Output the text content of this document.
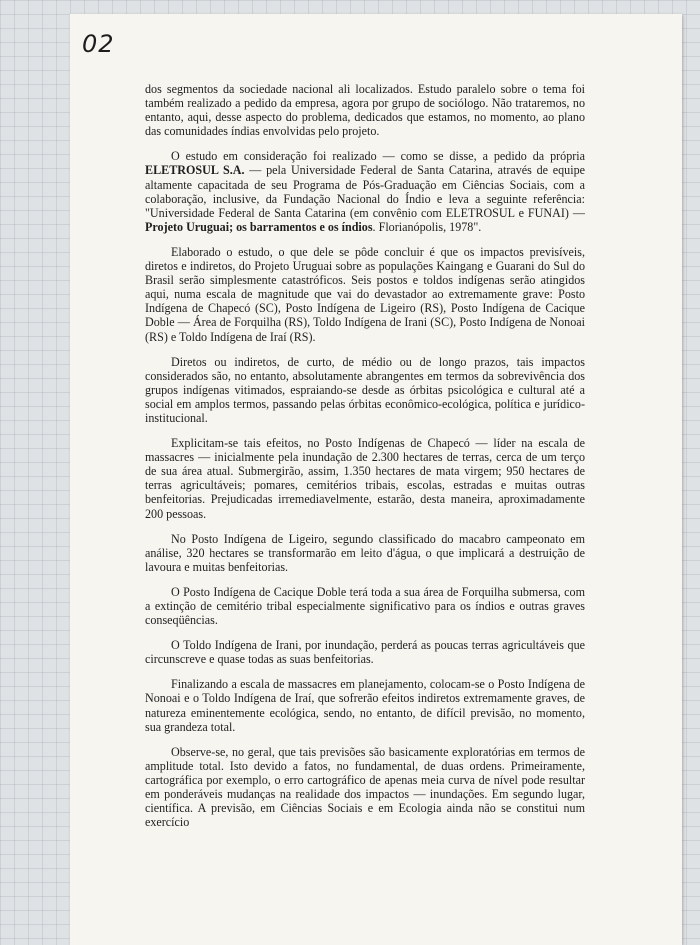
02

dos segmentos da sociedade nacional ali localizados. Estudo paralelo sobre o tema foi também realizado a pedido da empresa, agora por grupo de sociólogo. Não trataremos, no entanto, aqui, desse aspecto do problema, dedicados que estamos, no momento, ao plano das comunidades índias envolvidas pelo projeto.

O estudo em consideração foi realizado — como se disse, a pedido da própria ELETROSUL S.A. — pela Universidade Federal de Santa Catarina, através de equipe altamente capacitada de seu Programa de Pós-Graduação em Ciências Sociais, com a colaboração, inclusive, da Fundação Nacional do Índio e leva a seguinte referência: "Universidade Federal de Santa Catarina (em convênio com ELETROSUL e FUNAI) — Projeto Uruguai; os barramentos e os índios. Florianópolis, 1978".

Elaborado o estudo, o que dele se pôde concluir é que os impactos previsíveis, diretos e indiretos, do Projeto Uruguai sobre as populações Kaingang e Guarani do Sul do Brasil serão simplesmente catastróficos. Seis postos e toldos indígenas serão atingidos aqui, numa escala de magnitude que vai do devastador ao extremamente grave: Posto Indígena de Chapecó (SC), Posto Indígena de Ligeiro (RS), Posto Indígena de Cacique Doble — Área de Forquilha (RS), Toldo Indígena de Irani (SC), Posto Indígena de Nonoai (RS) e Toldo Indígena de Iraí (RS).

Diretos ou indiretos, de curto, de médio ou de longo prazos, tais impactos considerados são, no entanto, absolutamente abrangentes em termos da sobrevivência dos grupos indígenas vitimados, espraiando-se desde as órbitas psicológica e cultural até a social em amplos termos, passando pelas órbitas econômico-ecológica, política e jurídico-institucional.

Explicitam-se tais efeitos, no Posto Indígenas de Chapecó — líder na escala de massacres — inicialmente pela inundação de 2.300 hectares de terras, cerca de um terço de sua área atual. Submergirão, assim, 1.350 hectares de mata virgem; 950 hectares de terras agricultáveis; pomares, cemitérios tribais, escolas, estradas e muitas outras benfeitorias. Prejudicadas irremediavelmente, estarão, desta maneira, aproximadamente 200 pessoas.

No Posto Indígena de Ligeiro, segundo classificado do macabro campeonato em análise, 320 hectares se transformarão em leito d'água, o que implicará a destruição de lavoura e muitas benfeitorias.

O Posto Indígena de Cacique Doble terá toda a sua área de Forquilha submersa, com a extinção de cemitério tribal especialmente significativo para os índios e outras graves conseqüências.

O Toldo Indígena de Irani, por inundação, perderá as poucas terras agricultáveis que circunscreve e quase todas as suas benfeitorias.

Finalizando a escala de massacres em planejamento, colocam-se o Posto Indígena de Nonoai e o Toldo Indígena de Iraí, que sofrerão efeitos indiretos extremamente graves, de natureza eminentemente ecológica, sendo, no entanto, de difícil previsão, no momento, sua grandeza total.

Observe-se, no geral, que tais previsões são basicamente exploratórias em termos de amplitude total. Isto devido a fatos, no fundamental, de duas ordens. Primeiramente, cartográfica por exemplo, o erro cartográfico de apenas meia curva de nível pode resultar em ponderáveis mudanças na realidade dos impactos — inundações. Em segundo lugar, científica. A previsão, em Ciências Sociais e em Ecologia ainda não se constitui num exercício
